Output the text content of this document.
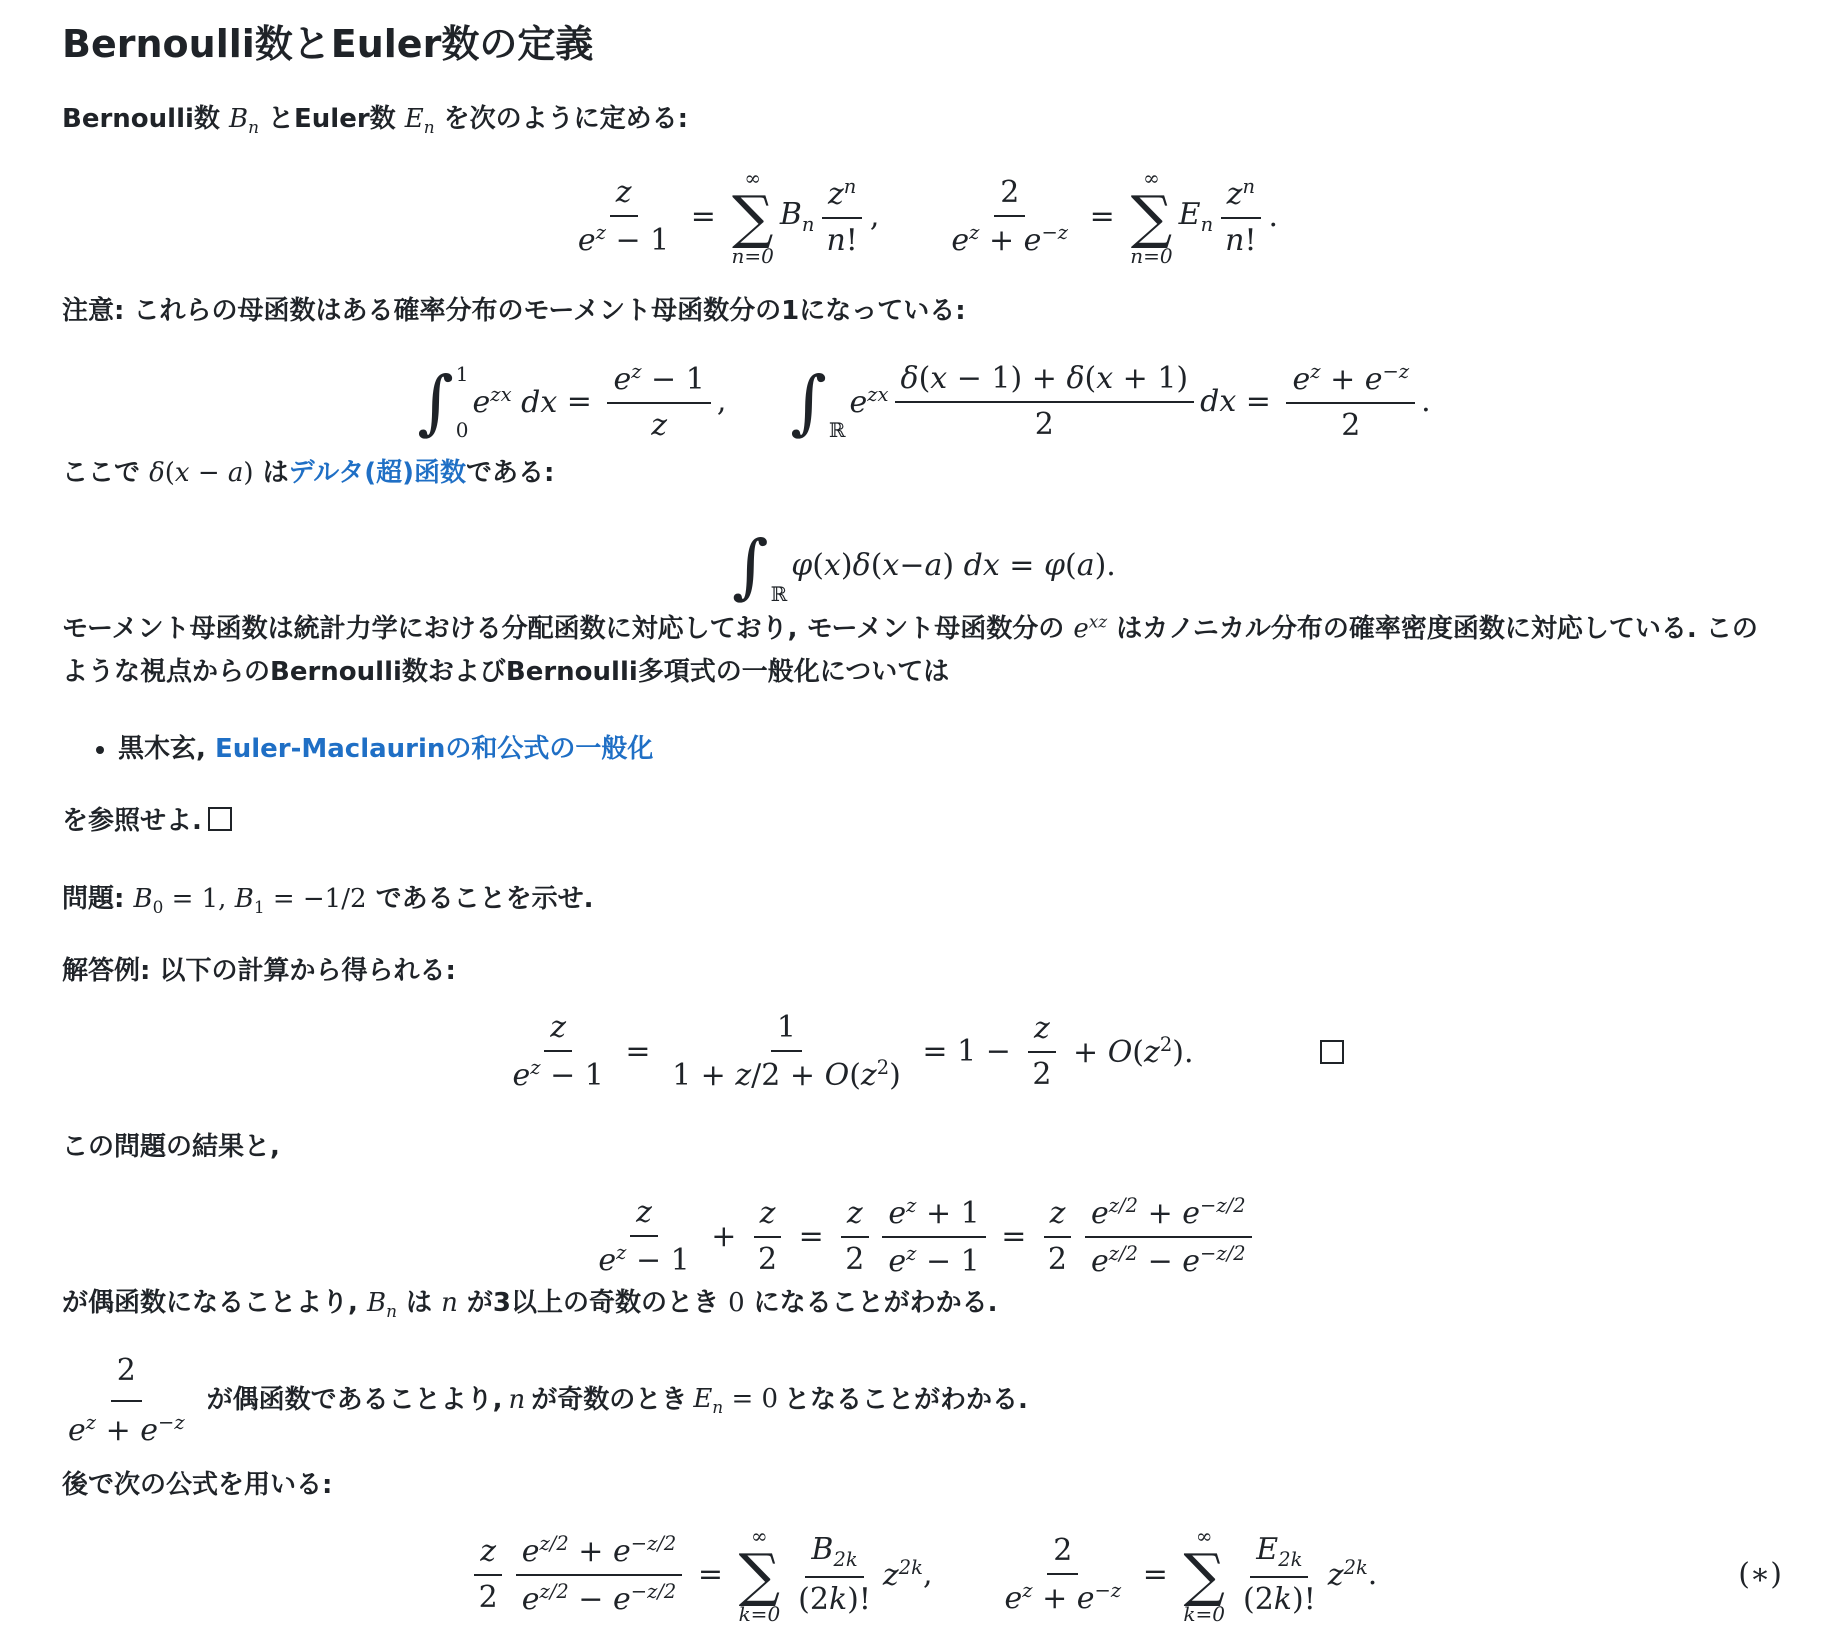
Bernoulli数とEuler数の定義

Bernoulli数 $B_n$ とEuler数 $E_n$ を次のように定める:

$\frac{z}{e^z - 1}$ =
∞
∑
n=0
$B_n$
$z^n$
n!
, $\frac{2}{e^z + e^{-z}}$ =
∞
∑
n=0
$E_n$
$z^n$
n!
.

注意: これらの母函数はある確率分布のモーメント母函数分の1になっている:

∫ 1
0
$e^{zx}$ dx = $\frac{e^z - 1}{z}$ , ∫
ℝ
$e^{zx}$ δ(x − 1) + δ(x + 1)
2
dx = $\frac{e^z + e^{-z}}{2}$ .

ここで δ(x − a) はデルタ(超)函数である:

∫
ℝ
φ ( x ) δ ( x − a ) dx = φ ( a ).

モーメント母函数は統計力学における分配函数に対応しており, モーメント母函数分の $e^{xz}$ はカノニカル分布の確率密度函数に対応している. このような視点からのBernoulli数およびBernoulli多項式の一般化については

• 黒木玄, Euler-Maclaurinの和公式の一般化

を参照せよ.

問題: $B_0 = 1$, $B_1 = -1/2$ であることを示せ.

解答例: 以下の計算から得られる:

$\frac{z}{e^z - 1} = \frac{1}{1 + z/2 + O(z^2)} = 1 - \frac{z}{2} + O(z^2)$.

この問題の結果と,

z
$e^z - 1$
+ $\frac{z}{2} = \frac{z}{2} \frac{e^z + 1}{e^z - 1} = \frac{z}{2} e^{z/2} + e^{-z/2}$
$e^{z/2} - e^{-z/2}$

が偶函数になることより, $B_n$ は n が3以上の奇数のとき 0 になることがわかる.

2
$e^z + e^{-z}$
が偶函数であることより, n が奇数のとき $E_n = 0$ となることがわかる.

後で次の公式を用いる:

z
$2 \frac{e^{z/2} + e^{-z/2}}{e^{z/2} - e^{-z/2}}$ =
∞
∑
k=0
$B_{2k}$
(2k)!
$z^{2k}$ , $\frac{2}{e^z + e^{-z}}$ =
∞
∑
k=0
$E_{2k}$
(2k)!
$z^{2k}$ .	(∗)
